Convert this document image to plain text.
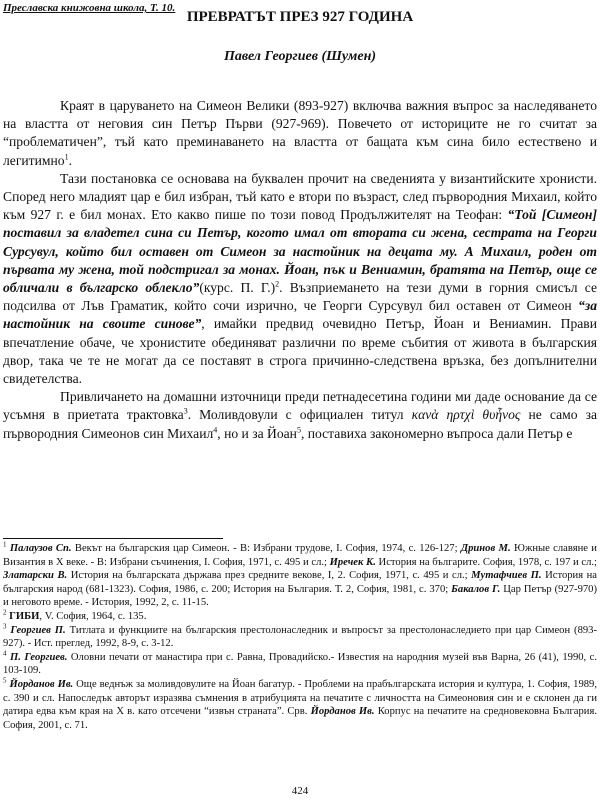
Преславска книжовна школа, Т. 10.
ПРЕВРАТЪТ ПРЕЗ 927 ГОДИНА
Павел Георгиев (Шумен)

Краят в царуването на Симеон Велики (893-927) включва важния въпрос за наследяването на властта от неговия син Петър Първи (927-969). Повечето от историците не го считат за “проблематичен”, тъй като преминаването на властта от бащата към сина било естествено и легитимно$^1$.

Тази постановка се основава на буквален прочит на сведенията у византийските хронисти. Според него младият цар е бил избран, тъй като е втори по възраст, след първородния Михаил, който към 927 г. е бил монах. Ето какво пише по този повод Продължителят на Теофан: “Той [Симеон] поставил за владетел сина си Петър, когото имал от втората си жена, сестрата на Георги Сурсувул, който бил оставен от Симеон за настойник на децата му. А Михаил, роден от първата му жена, той подстригал за монах. Йоан, пък и Вениамин, братята на Петър, още се обличали в българско облекло”(курс. П. Г.)$^2$. Възприемането на тези думи в горния смисъл се подсилва от Лъв Граматик, който сочи изрично, че Георги Сурсувул бил оставен от Симеон “за настойник на своите синове”, имайки предвид очевидно Петър, Йоан и Вениамин. Прави впечатление обаче, че хронистите обединяват различни по време събития от живота в българския двор, така че те не могат да се поставят в строга причинно-следствена връзка, без допълнителни свидетелства.

Привличането на домашни източници преди петнадесетина години ми даде основание да се усъмня в приетата трактовка$^3$. Моливдовули с официален титул κανὰ ηρτχὶ θυἧνος не само за първородния Симеонов син Михаил$^4$, но и за Йоан$^5$, поставиха закономерно въпроса дали Петър е

$^1$ Палаузов Сп. Векът на българския цар Симеон. - В: Избрани трудове, I. София, 1974, с. 126-127; Дринов М. Южные славяне и Византия в X веке. - В: Избрани съчинения, I. София, 1971, с. 495 и сл.; Иречек К. История на българите. София, 1978, с. 197 и сл.; Златарски В. История на българската държава през средните векове, I, 2. София, 1971, с. 495 и сл.; Мутафчиев П. История на българския народ (681-1323). София, 1986, с. 200; История на България. Т. 2, София, 1981, с. 370; Бакалов Г. Цар Петър (927-970) и неговото време. - История, 1992, 2, с. 11-15.

$^2$ ГИБИ, V. София, 1964, с. 135.

$^3$ Георгиев П. Титлата и функциите на българския престолонаследник и въпросът за престолонаследието при цар Симеон (893-927). - Ист. преглед, 1992, 8-9, с. 3-12.

$^4$ П. Георгиев. Оловни печати от манастира при с. Равна, Провадийско.- Известия на народния музей във Варна, 26 (41), 1990, с. 103-109.

$^5$ Йорданов Ив. Още веднъж за моливдовулите на Йоан багатур. - Проблеми на прабългарската история и култура, 1. София, 1989, с. 390 и сл. Напоследък авторът изразява съмнения в атрибуцията на печатите с личността на Симеоновия син и е склонен да ги датира едва към края на X в. като отсечени “извън страната”. Срв. Йорданов Ив. Корпус на печатите на средновековна България. София, 2001, с. 71.

424
